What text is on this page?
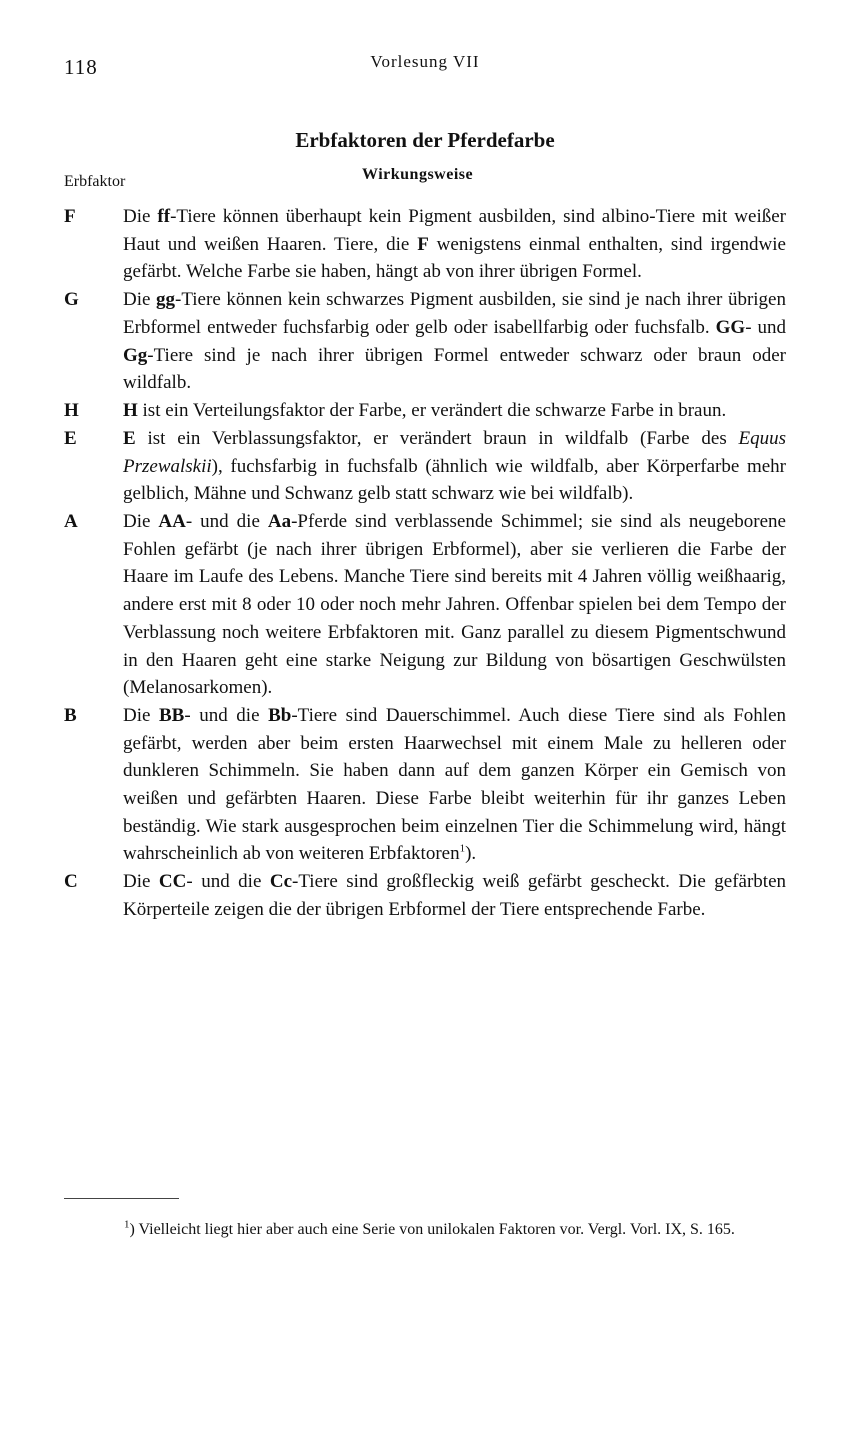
118	Vorlesung VII
Erbfaktoren der Pferdefarbe
Erbfaktor	Wirkungsweise
F	Die ff-Tiere können überhaupt kein Pigment ausbilden, sind albino-Tiere mit weißer Haut und weißen Haaren. Tiere, die F wenigstens einmal enthalten, sind irgendwie gefärbt. Welche Farbe sie haben, hängt ab von ihrer übrigen Formel.
G	Die gg-Tiere können kein schwarzes Pigment ausbilden, sie sind je nach ihrer übrigen Erbformel entweder fuchsfarbig oder gelb oder isabellfarbig oder fuchsfalb. GG- und Gg-Tiere sind je nach ihrer übrigen Formel entweder schwarz oder braun oder wildfalb.
H	H ist ein Verteilungsfaktor der Farbe, er verändert die schwarze Farbe in braun.
E	E ist ein Verblassungsfaktor, er verändert braun in wildfalb (Farbe des Equus Przewalskii), fuchsfarbig in fuchsfalb (ähnlich wie wildfalb, aber Körperfarbe mehr gelblich, Mähne und Schwanz gelb statt schwarz wie bei wildfalb).
A	Die AA- und die Aa-Pferde sind verblassende Schimmel; sie sind als neugeborene Fohlen gefärbt (je nach ihrer übrigen Erbformel), aber sie verlieren die Farbe der Haare im Laufe des Lebens. Manche Tiere sind bereits mit 4 Jahren völlig weißhaarig, andere erst mit 8 oder 10 oder noch mehr Jahren. Offenbar spielen bei dem Tempo der Verblassung noch weitere Erbfaktoren mit. Ganz parallel zu diesem Pigmentschwund in den Haaren geht eine starke Neigung zur Bildung von bösartigen Geschwülsten (Melanosarkomen).
B	Die BB- und die Bb-Tiere sind Dauerschimmel. Auch diese Tiere sind als Fohlen gefärbt, werden aber beim ersten Haarwechsel mit einem Male zu helleren oder dunkleren Schimmeln. Sie haben dann auf dem ganzen Körper ein Gemisch von weißen und gefärbten Haaren. Diese Farbe bleibt weiterhin für ihr ganzes Leben beständig. Wie stark ausgesprochen beim einzelnen Tier die Schimmelung wird, hängt wahrscheinlich ab von weiteren Erbfaktoren$^1$).
C	Die CC- und die Cc-Tiere sind großfleckig weiß gefärbt gescheckt. Die gefärbten Körperteile zeigen die der übrigen Erbformel der Tiere entsprechende Farbe.
$^1$) Vielleicht liegt hier aber auch eine Serie von unilokalen Faktoren vor. Vergl. Vorl. IX, S. 165.
